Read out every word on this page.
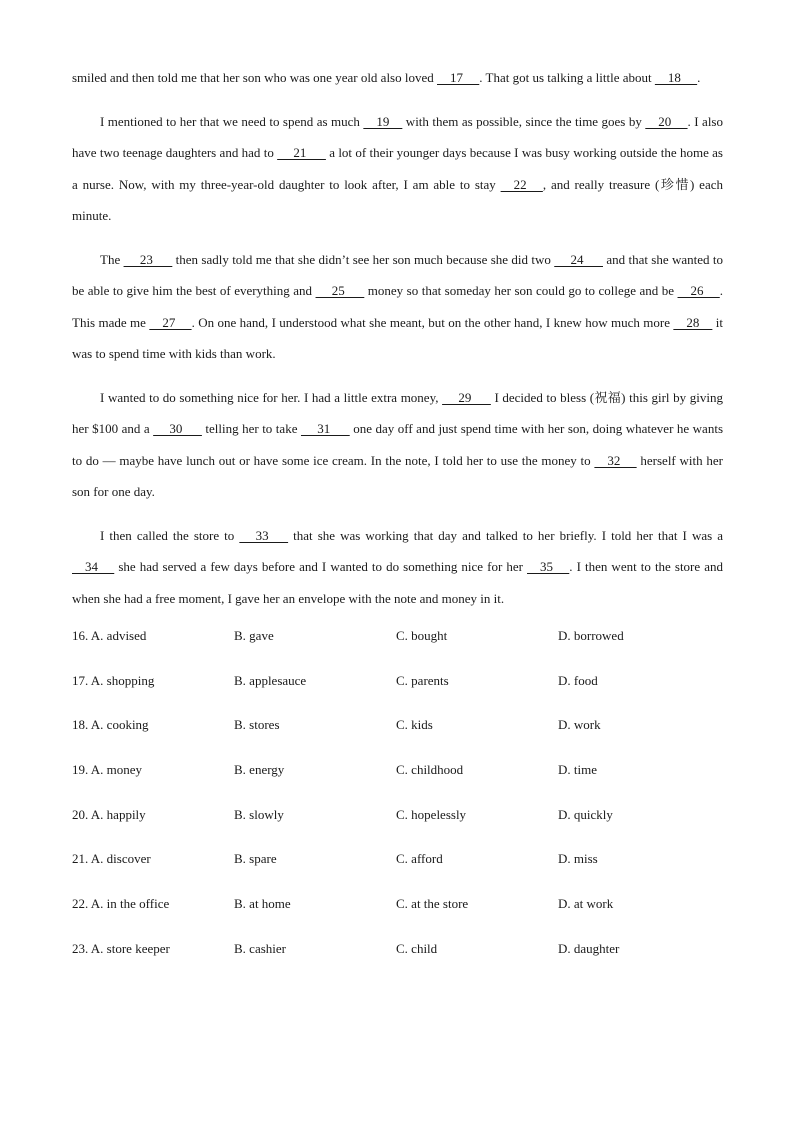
smiled and then told me that her son who was one year old also loved     17     . That got us talking a little about     18     .

I mentioned to her that we need to spend as much     19     with them as possible, since the time goes by     20     . I also have two teenage daughters and had to      21       a lot of their younger days because I was busy working outside the home as a nurse. Now, with my three-year-old daughter to look after, I am able to stay     22     , and really treasure (珍惜) each minute.

The      23       then sadly told me that she didn’t see her son much because she did two      24       and that she wanted to be able to give him the best of everything and      25       money so that someday her son could go to college and be     26     . This made me     27     . On one hand, I understood what she meant, but on the other hand, I knew how much more     28     it was to spend time with kids than work.

I wanted to do something nice for her. I had a little extra money,      29       I decided to bless (祝福) this girl by giving her $100 and a      30       telling her to take      31       one day off and just spend time with her son, doing whatever he wants to do — maybe have lunch out or have some ice cream. In the note, I told her to use the money to     32      herself with her son for one day.

I then called the store to      33       that she was working that day and talked to her briefly. I told her that I was a     34      she had served a few days before and I wanted to do something nice for her     35     . I then went to the store and when she had a free moment, I gave her an envelope with the note and money in it.

16. A. advised	B. gave	C. bought	D. borrowed
17. A. shopping	B. applesauce	C. parents	D. food
18. A. cooking	B. stores	C. kids	D. work
19. A. money	B. energy	C. childhood	D. time
20. A. happily	B. slowly	C. hopelessly	D. quickly
21. A. discover	B. spare	C. afford	D. miss
22. A. in the office	B. at home	C. at the store	D. at work
23. A. store keeper	B. cashier	C. child	D. daughter
